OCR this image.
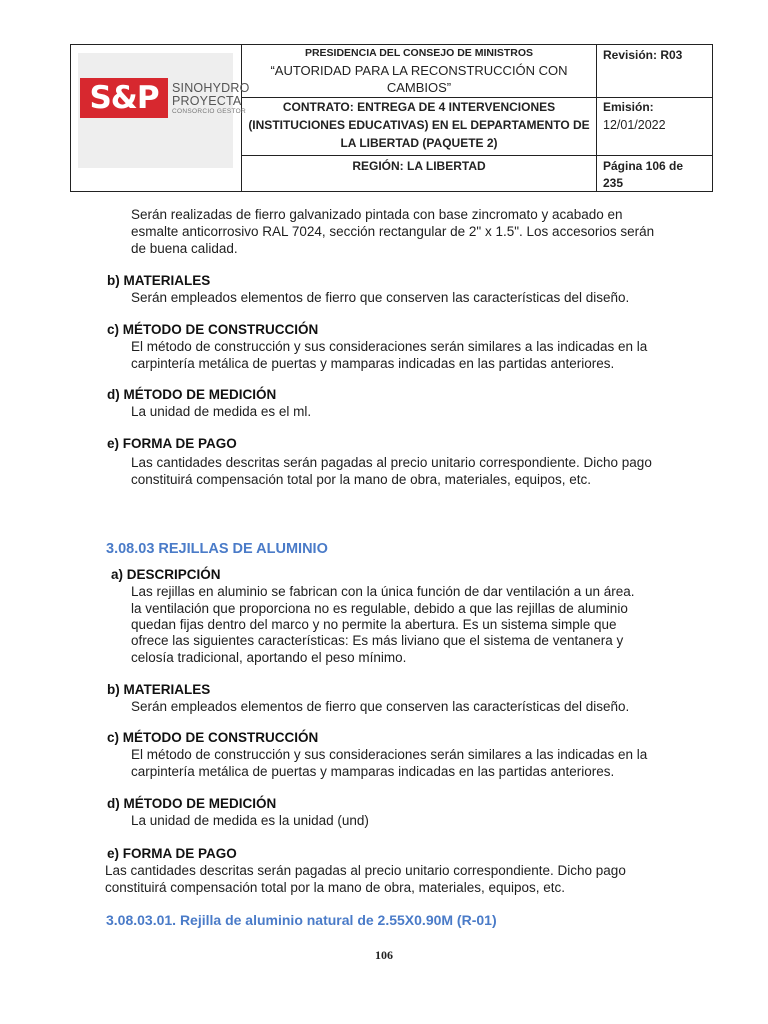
S&P	SINOHYDRO
PROYECTA
CONSORCIO GESTOR
PRESIDENCIA DEL CONSEJO DE MINISTROS
“AUTORIDAD PARA LA RECONSTRUCCIÓN CON
CAMBIOS”
Revisión: R03
CONTRATO: ENTREGA DE 4 INTERVENCIONES
(INSTITUCIONES EDUCATIVAS) EN EL DEPARTAMENTO DE
LA LIBERTAD (PAQUETE 2)
Emisión:
12/01/2022
REGIÓN: LA LIBERTAD	Página 106 de
235
Serán realizadas de fierro galvanizado pintada con base zincromato y acabado en
esmalte anticorrosivo RAL 7024, sección rectangular de 2" x 1.5". Los accesorios serán
de buena calidad.
b) MATERIALES
Serán empleados elementos de fierro que conserven las características del diseño.
c) MÉTODO DE CONSTRUCCIÓN
El método de construcción y sus consideraciones serán similares a las indicadas en la
carpintería metálica de puertas y mamparas indicadas en las partidas anteriores.
d) MÉTODO DE MEDICIÓN
La unidad de medida es el ml.
e) FORMA DE PAGO
Las cantidades descritas serán pagadas al precio unitario correspondiente. Dicho pago
constituirá compensación total por la mano de obra, materiales, equipos, etc.
3.08.03 REJILLAS DE ALUMINIO
a) DESCRIPCIÓN
Las rejillas en aluminio se fabrican con la única función de dar ventilación a un área.
la ventilación que proporciona no es regulable, debido a que las rejillas de aluminio
quedan fijas dentro del marco y no permite la abertura. Es un sistema simple que
ofrece las siguientes características: Es más liviano que el sistema de ventanera y
celosía tradicional, aportando el peso mínimo.
b) MATERIALES
Serán empleados elementos de fierro que conserven las características del diseño.
c) MÉTODO DE CONSTRUCCIÓN
El método de construcción y sus consideraciones serán similares a las indicadas en la
carpintería metálica de puertas y mamparas indicadas en las partidas anteriores.
d) MÉTODO DE MEDICIÓN
La unidad de medida es la unidad (und)
e) FORMA DE PAGO
Las cantidades descritas serán pagadas al precio unitario correspondiente. Dicho pago
constituirá compensación total por la mano de obra, materiales, equipos, etc.
3.08.03.01. Rejilla de aluminio natural de 2.55X0.90M (R-01)
106
